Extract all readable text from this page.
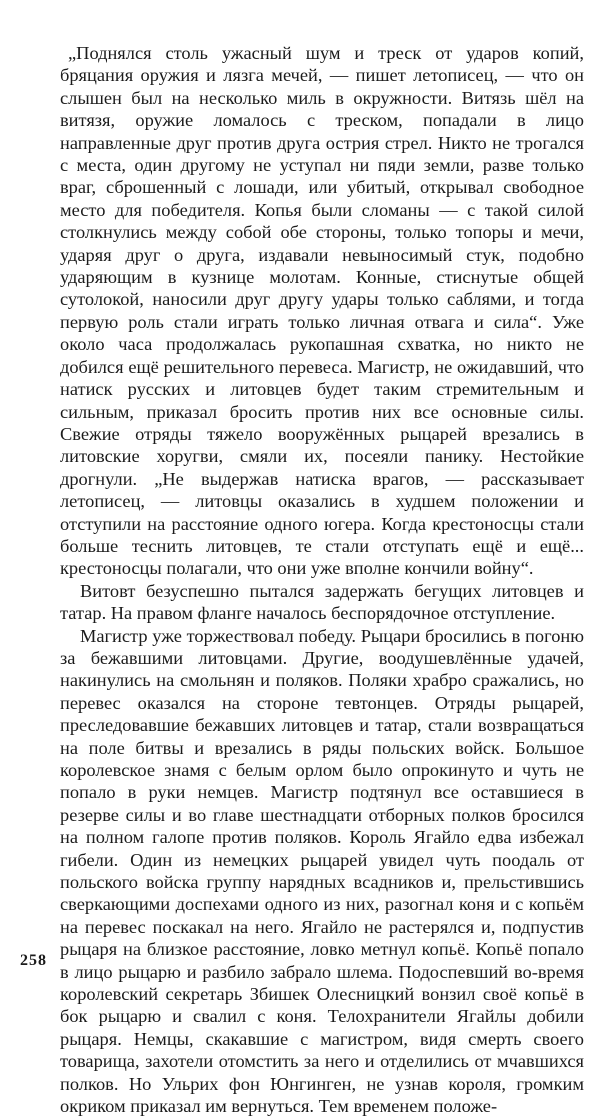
„Поднялся столь ужасный шум и треск от ударов копий, бряцания оружия и лязга мечей, — пишет летописец, — что он слышен был на несколько миль в окружности. Витязь шёл на витязя, оружие ломалось с треском, попадали в лицо направленные друг против друга острия стрел. Никто не трогался с места, один другому не уступал ни пяди земли, разве только враг, сброшенный с лошади, или убитый, открывал свободное место для победителя. Копья были сломаны — с такой силой столкнулись между собой обе стороны, только топоры и мечи, ударяя друг о друга, издавали невыносимый стук, подобно ударяющим в кузнице молотам. Конные, стиснутые общей сутолокой, наносили друг другу удары только саблями, и тогда первую роль стали играть только личная отвага и сила“. Уже около часа продолжалась рукопашная схватка, но никто не добился ещё решительного перевеса. Магистр, не ожидавший, что натиск русских и литовцев будет таким стремительным и сильным, приказал бросить против них все основные силы. Свежие отряды тяжело вооружённых рыцарей врезались в литовские хоругви, смяли их, посеяли панику. Нестойкие дрогнули. „Не выдержав натиска врагов, — рассказывает летописец, — литовцы оказались в худшем положении и отступили на расстояние одного югера. Когда крестоносцы стали больше теснить литовцев, те стали отступать ещё и ещё... крестоносцы полагали, что они уже вполне кончили войну“.

Витовт безуспешно пытался задержать бегущих литовцев и татар. На правом фланге началось беспорядочное отступление.

Магистр уже торжествовал победу. Рыцари бросились в погоню за бежавшими литовцами. Другие, воодушевлённые удачей, накинулись на смольнян и поляков. Поляки храбро сражались, но перевес оказался на стороне тевтонцев. Отряды рыцарей, преследовавшие бежавших литовцев и татар, стали возвращаться на поле битвы и врезались в ряды польских войск. Большое королевское знамя с белым орлом было опрокинуто и чуть не попало в руки немцев. Магистр подтянул все оставшиеся в резерве силы и во главе шестнадцати отборных полков бросился на полном галопе против поляков. Король Ягайло едва избежал гибели. Один из немецких рыцарей увидел чуть поодаль от польского войска группу нарядных всадников и, прельстившись сверкающими доспехами одного из них, разогнал коня и с копьём на перевес поскакал на него. Ягайло не растерялся и, подпустив рыцаря на близкое расстояние, ловко метнул копьё. Копьё попало в лицо рыцарю и разбило забрало шлема. Подоспевший во-время королевский секретарь Збишек Олесницкий вонзил своё копьё в бок рыцарю и свалил с коня. Телохранители Ягайлы добили рыцаря. Немцы, скакавшие с магистром, видя смерть своего товарища, захотели отомстить за него и отделились от мчавшихся полков. Но Ульрих фон Юнгинген, не узнав короля, громким окриком приказал им вернуться. Тем временем положе-

258
